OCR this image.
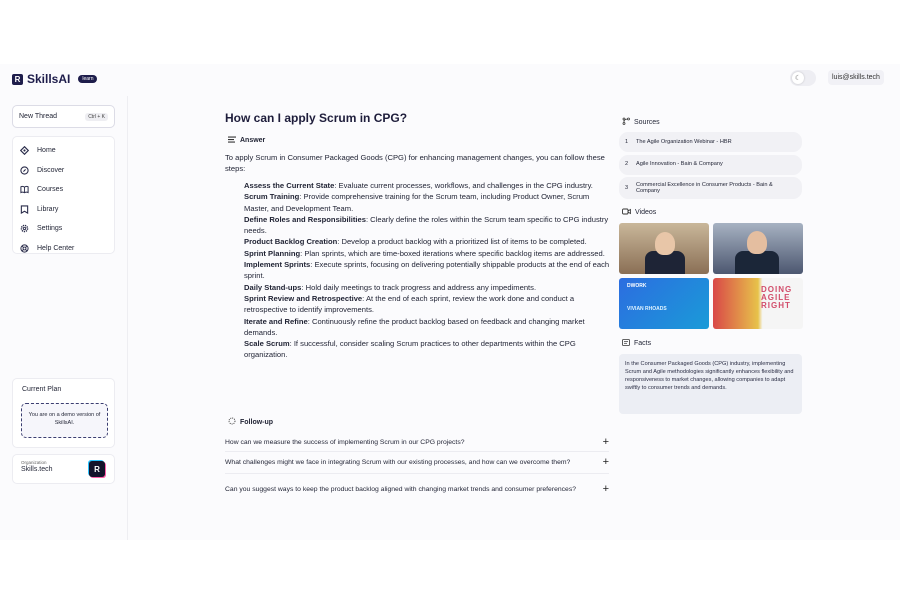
R SkillsAI	learn	☾	luis@skills.tech
New Thread	Ctrl + K
Home
Discover
Courses
Library
Settings
Help Center
Current Plan
You are on a demo version of SkillsAI.
Organization
Skills.tech	R
How can I apply Scrum in CPG?
Answer
To apply Scrum in Consumer Packaged Goods (CPG) for enhancing management changes, you can follow these steps:

Assess the Current State: Evaluate current processes, workflows, and challenges in the CPG industry.

Scrum Training: Provide comprehensive training for the Scrum team, including Product Owner, Scrum Master, and Development Team.

Define Roles and Responsibilities: Clearly define the roles within the Scrum team specific to CPG industry needs.

Product Backlog Creation: Develop a product backlog with a prioritized list of items to be completed.

Sprint Planning: Plan sprints, which are time-boxed iterations where specific backlog items are addressed.

Implement Sprints: Execute sprints, focusing on delivering potentially shippable products at the end of each sprint.

Daily Stand-ups: Hold daily meetings to track progress and address any impediments.

Sprint Review and Retrospective: At the end of each sprint, review the work done and conduct a retrospective to identify improvements.

Iterate and Refine: Continuously refine the product backlog based on feedback and changing market demands.

Scale Scrum: If successful, consider scaling Scrum practices to other departments within the CPG organization.

Follow-up
How can we measure the success of implementing Scrum in our CPG projects?	+
What challenges might we face in integrating Scrum with our existing processes, and how can we overcome them?	+
Can you suggest ways to keep the product backlog aligned with changing market trends and consumer preferences?	+
Sources
1 The Agile Organization Webinar - HBR
2 Agile Innovation - Bain & Company
3
Commercial Excellence in Consumer Products - Bain & Company
Videos
DWORK
VIVIAN RHOADS
DOING AGILE RIGHT
Facts
In the Consumer Packaged Goods (CPG) industry, implementing Scrum and Agile methodologies significantly enhances flexibility and responsiveness to market changes, allowing companies to adapt swiftly to consumer trends and demands.
